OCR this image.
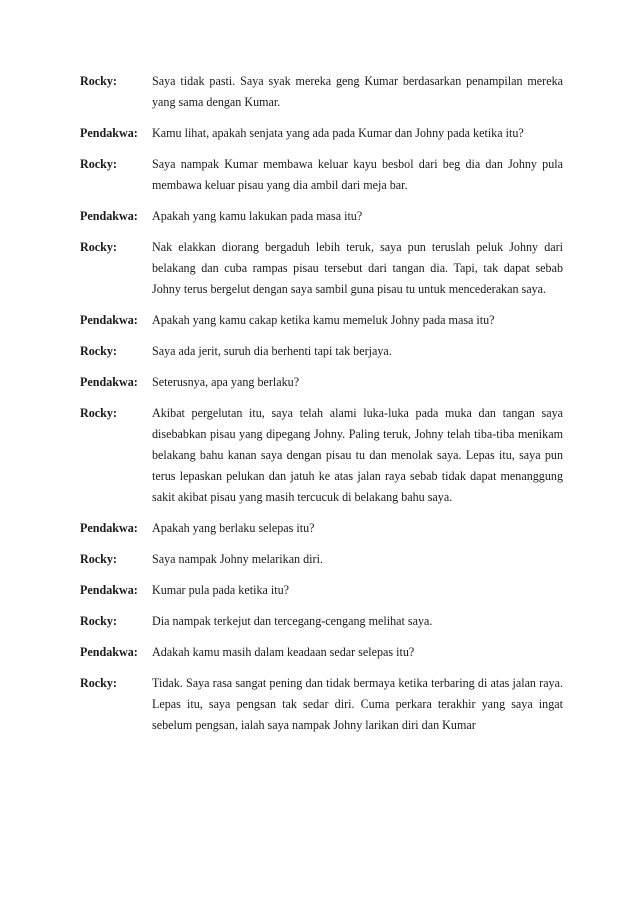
Rocky:	Saya tidak pasti. Saya syak mereka geng Kumar berdasarkan penampilan mereka yang sama dengan Kumar.
Pendakwa:	Kamu lihat, apakah senjata yang ada pada Kumar dan Johny pada ketika itu?
Rocky:	Saya nampak Kumar membawa keluar kayu besbol dari beg dia dan Johny pula membawa keluar pisau yang dia ambil dari meja bar.
Pendakwa:	Apakah yang kamu lakukan pada masa itu?
Rocky:	Nak elakkan diorang bergaduh lebih teruk, saya pun teruslah peluk Johny dari belakang dan cuba rampas pisau tersebut dari tangan dia. Tapi, tak dapat sebab Johny terus bergelut dengan saya sambil guna pisau tu untuk mencederakan saya.
Pendakwa:	Apakah yang kamu cakap ketika kamu memeluk Johny pada masa itu?
Rocky:	Saya ada jerit, suruh dia berhenti tapi tak berjaya.
Pendakwa:	Seterusnya, apa yang berlaku?
Rocky:	Akibat pergelutan itu, saya telah alami luka-luka pada muka dan tangan saya disebabkan pisau yang dipegang Johny. Paling teruk, Johny telah tiba-tiba menikam belakang bahu kanan saya dengan pisau tu dan menolak saya. Lepas itu, saya pun terus lepaskan pelukan dan jatuh ke atas jalan raya sebab tidak dapat menanggung sakit akibat pisau yang masih tercucuk di belakang bahu saya.
Pendakwa:	Apakah yang berlaku selepas itu?
Rocky:	Saya nampak Johny melarikan diri.
Pendakwa:	Kumar pula pada ketika itu?
Rocky:	Dia nampak terkejut dan tercegang-cengang melihat saya.
Pendakwa:	Adakah kamu masih dalam keadaan sedar selepas itu?
Rocky:	Tidak. Saya rasa sangat pening dan tidak bermaya ketika terbaring di atas jalan raya. Lepas itu, saya pengsan tak sedar diri. Cuma perkara terakhir yang saya ingat sebelum pengsan, ialah saya nampak Johny larikan diri dan Kumar
